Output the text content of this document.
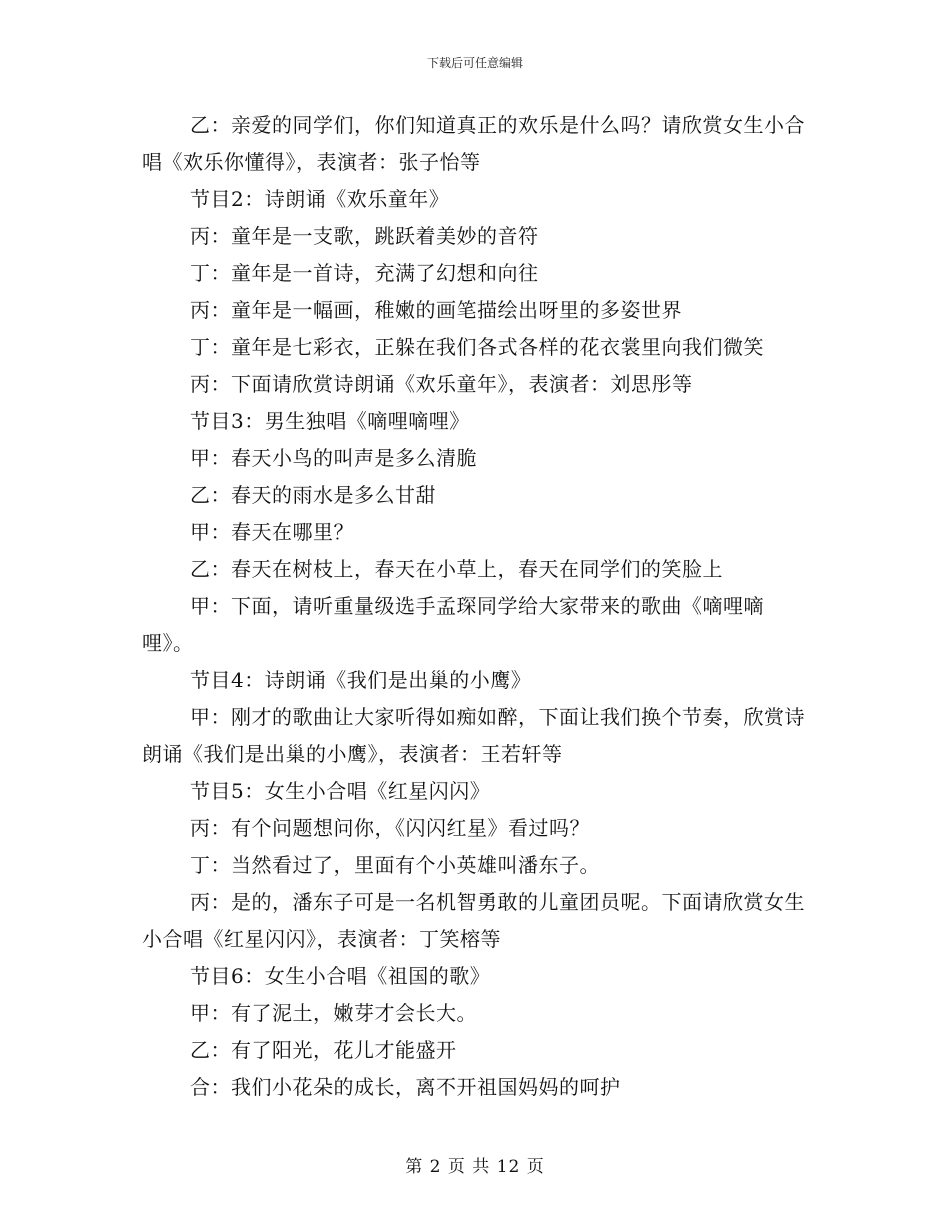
下载后可任意编辑

乙：亲爱的同学们，你们知道真正的欢乐是什么吗？请欣赏女生小合唱《欢乐你懂得》，表演者：张子怡等

节目2：诗朗诵《欢乐童年》

丙：童年是一支歌，跳跃着美妙的音符

丁：童年是一首诗，充满了幻想和向往

丙：童年是一幅画，稚嫩的画笔描绘出呀里的多姿世界

丁：童年是七彩衣，正躲在我们各式各样的花衣裳里向我们微笑

丙：下面请欣赏诗朗诵《欢乐童年》，表演者：刘思彤等

节目3：男生独唱《嘀哩嘀哩》

甲：春天小鸟的叫声是多么清脆

乙：春天的雨水是多么甘甜

甲：春天在哪里？

乙：春天在树枝上，春天在小草上，春天在同学们的笑脸上

甲：下面，请听重量级选手孟琛同学给大家带来的歌曲《嘀哩嘀哩》。

节目4：诗朗诵《我们是出巢的小鹰》

甲：刚才的歌曲让大家听得如痴如醉，下面让我们换个节奏，欣赏诗朗诵《我们是出巢的小鹰》，表演者：王若轩等

节目5：女生小合唱《红星闪闪》

丙：有个问题想问你，《闪闪红星》看过吗？

丁：当然看过了，里面有个小英雄叫潘东子。

丙：是的，潘东子可是一名机智勇敢的儿童团员呢。下面请欣赏女生小合唱《红星闪闪》，表演者：丁笑榕等

节目6：女生小合唱《祖国的歌》

甲：有了泥土，嫩芽才会长大。

乙：有了阳光，花儿才能盛开

合：我们小花朵的成长，离不开祖国妈妈的呵护

第 2 页 共 12 页
